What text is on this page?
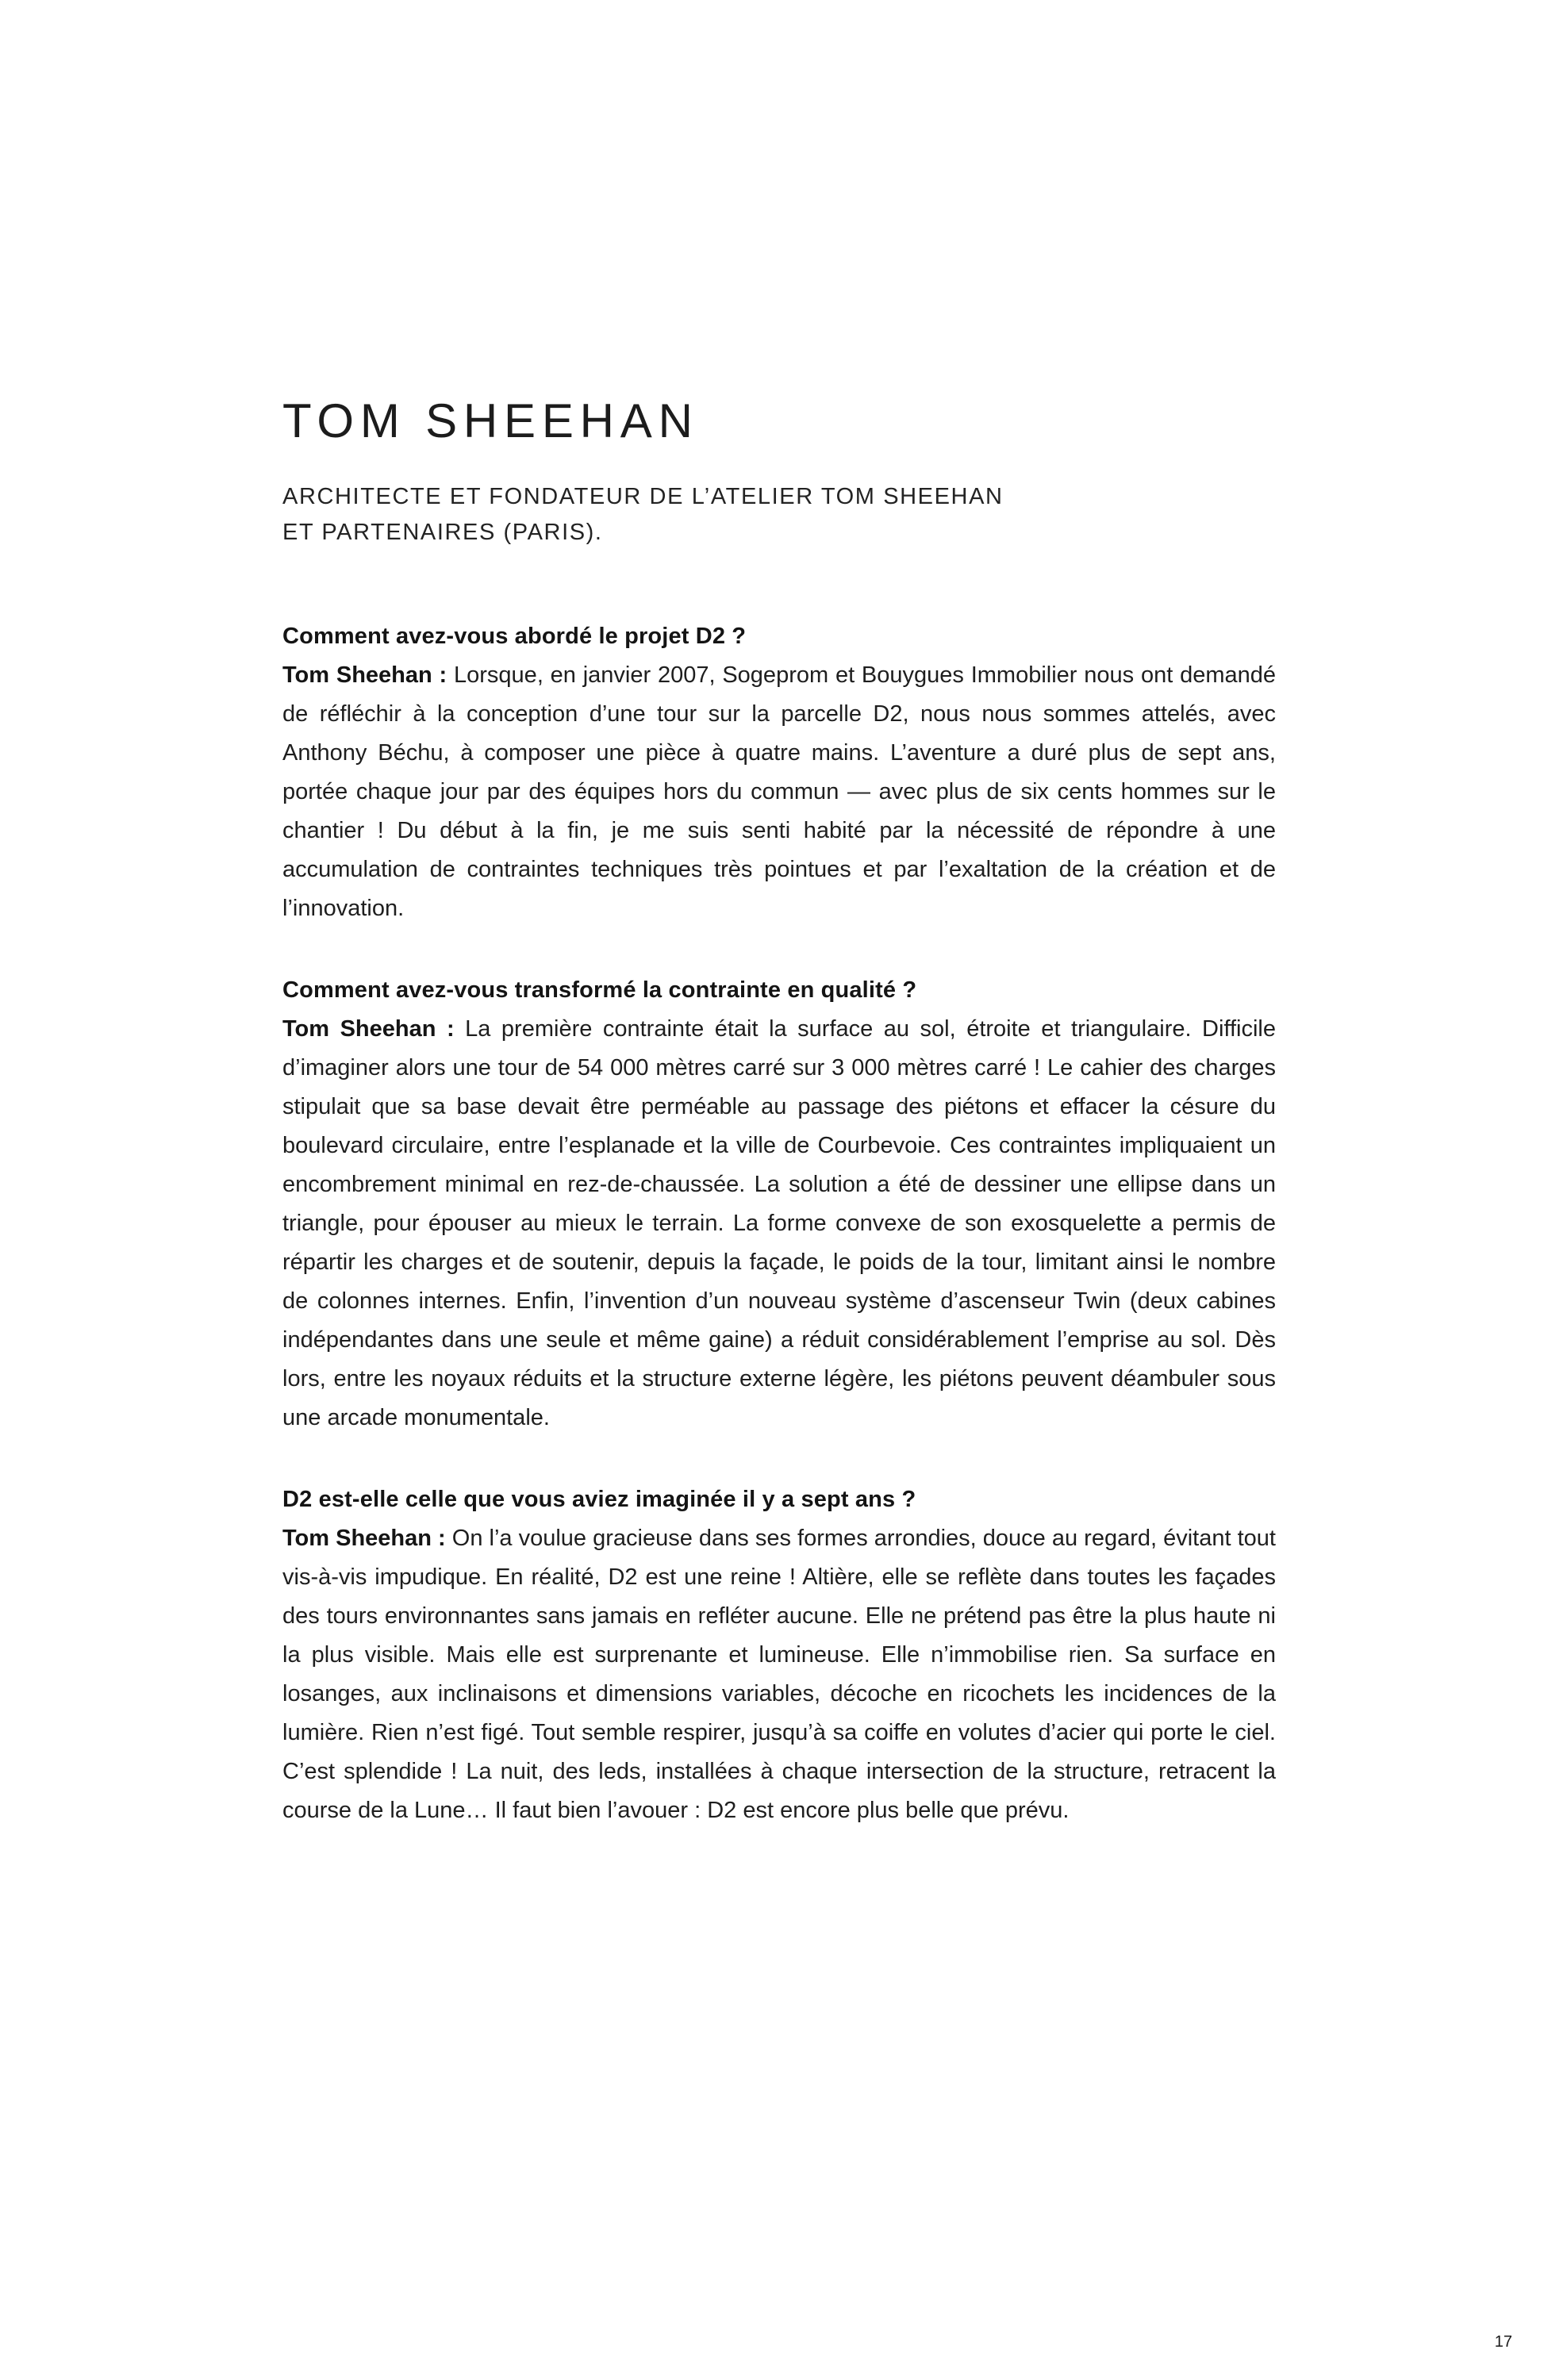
TOM SHEEHAN
ARCHITECTE ET FONDATEUR DE L’ATELIER TOM SHEEHAN
ET PARTENAIRES (PARIS).
Comment avez-vous abordé le projet D2 ?

Tom Sheehan : Lorsque, en janvier 2007, Sogeprom et Bouygues Immobilier nous ont demandé de réfléchir à la conception d’une tour sur la parcelle D2, nous nous sommes attelés, avec Anthony Béchu, à composer une pièce à quatre mains. L’aventure a duré plus de sept ans, portée chaque jour par des équipes hors du commun — avec plus de six cents hommes sur le chantier ! Du début à la fin, je me suis senti habité par la nécessité de répondre à une accumulation de contraintes techniques très pointues et par l’exaltation de la création et de l’innovation.

Comment avez-vous transformé la contrainte en qualité ?

Tom Sheehan : La première contrainte était la surface au sol, étroite et triangulaire. Difficile d’imaginer alors une tour de 54 000 mètres carré sur 3 000 mètres carré ! Le cahier des charges stipulait que sa base devait être perméable au passage des piétons et effacer la césure du boulevard circulaire, entre l’esplanade et la ville de Courbevoie. Ces contraintes impliquaient un encombrement minimal en rez-de-chaussée. La solution a été de dessiner une ellipse dans un triangle, pour épouser au mieux le terrain. La forme convexe de son exosquelette a permis de répartir les charges et de soutenir, depuis la façade, le poids de la tour, limitant ainsi le nombre de colonnes internes. Enfin, l’invention d’un nouveau système d’ascenseur Twin (deux cabines indépendantes dans une seule et même gaine) a réduit considérablement l’emprise au sol. Dès lors, entre les noyaux réduits et la structure externe légère, les piétons peuvent déambuler sous une arcade monumentale.

D2 est-elle celle que vous aviez imaginée il y a sept ans ?

Tom Sheehan : On l’a voulue gracieuse dans ses formes arrondies, douce au regard, évitant tout vis-à-vis impudique. En réalité, D2 est une reine ! Altière, elle se reflète dans toutes les façades des tours environnantes sans jamais en refléter aucune. Elle ne prétend pas être la plus haute ni la plus visible. Mais elle est surprenante et lumineuse. Elle n’immobilise rien. Sa surface en losanges, aux inclinaisons et dimensions variables, décoche en ricochets les incidences de la lumière. Rien n’est figé. Tout semble respirer, jusqu’à sa coiffe en volutes d’acier qui porte le ciel. C’est splendide ! La nuit, des leds, installées à chaque intersection de la structure, retracent la course de la Lune… Il faut bien l’avouer : D2 est encore plus belle que prévu.

17
